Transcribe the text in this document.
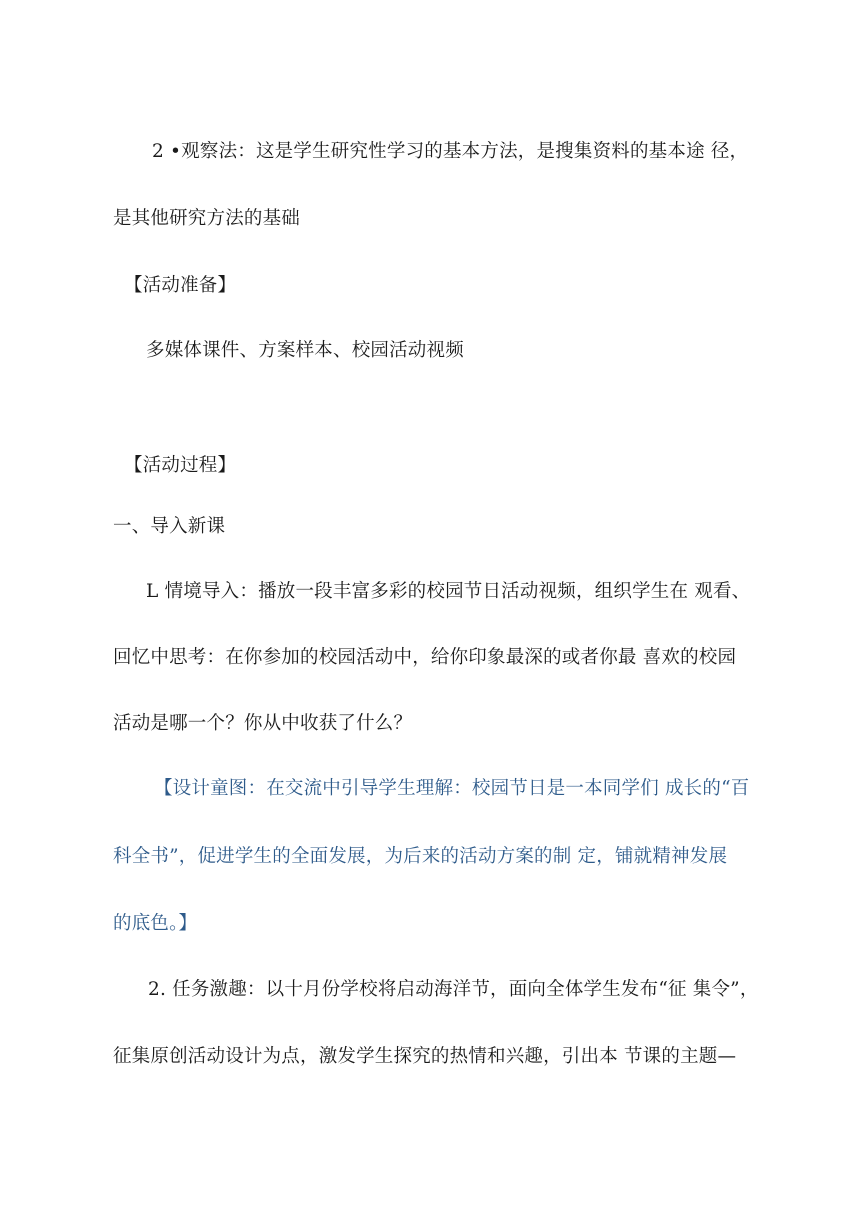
2 •观察法：这是学生研究性学习的基本方法，是搜集资料的基本途 径，
是其他研究方法的基础
【活动准备】
多媒体课件、方案样本、校园活动视频
【活动过程】
一、导入新课
L 情境导入：播放一段丰富多彩的校园节日活动视频，组织学生在 观看、
回忆中思考：在你参加的校园活动中，给你印象最深的或者你最 喜欢的校园
活动是哪一个？你从中收获了什么？
【设计童图：在交流中引导学生理解：校园节日是一本同学们 成长的“百
科全书”，促进学生的全面发展，为后来的活动方案的制 定，铺就精神发展
的底色。】
2. 任务激趣：以十月份学校将启动海洋节，面向全体学生发布“征 集令”，
征集原创活动设计为点，激发学生探究的热情和兴趣，引出本 节课的主题—
